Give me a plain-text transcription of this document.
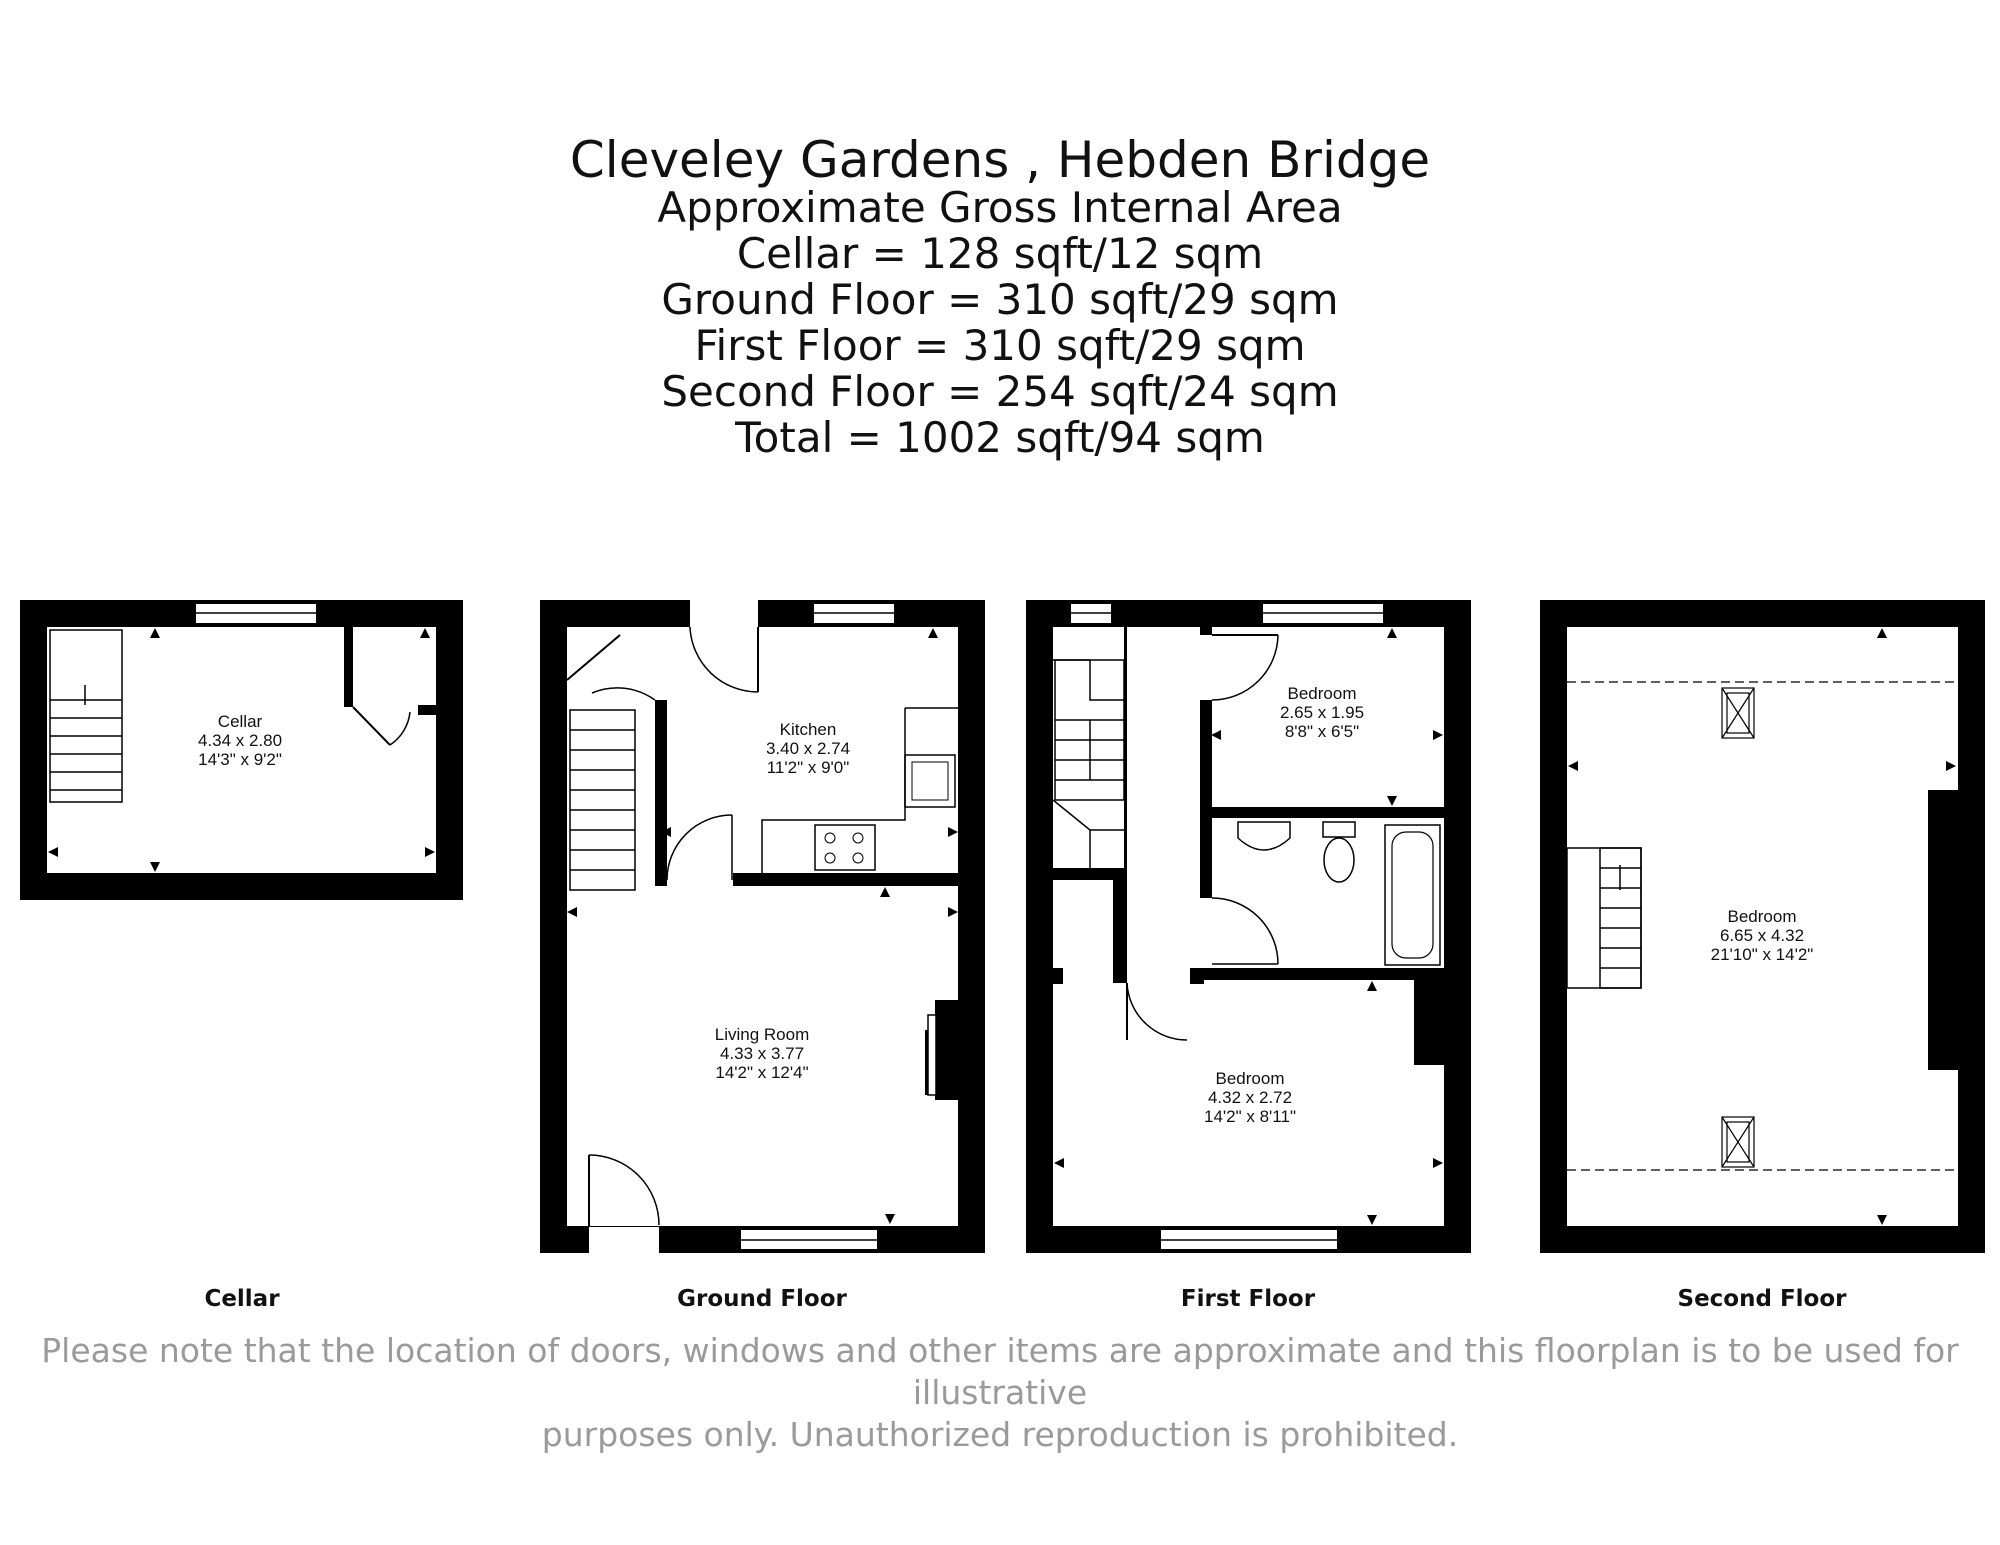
Cleveley Gardens , Hebden Bridge
Approximate Gross Internal Area
Cellar = 128 sqft/12 sqm
Ground Floor = 310 sqft/29 sqm
First Floor = 310 sqft/29 sqm
Second Floor = 254 sqft/24 sqm
Total = 1002 sqft/94 sqm
Cellar
4.34 x 2.80
14'3" x 9'2"
Kitchen
3.40 x 2.74
11'2" x 9'0"
Living Room
4.33 x 3.77
14'2" x 12'4"
Bedroom
2.65 x 1.95
8'8" x 6'5"
Bedroom
4.32 x 2.72
14'2" x 8'11"
Bedroom
6.65 x 4.32
21'10" x 14'2"
Cellar	Ground Floor	First Floor	Second Floor
Please note that the location of doors, windows and other items are approximate and this floorplan is to be used for illustrative
purposes only. Unauthorized reproduction is prohibited.
